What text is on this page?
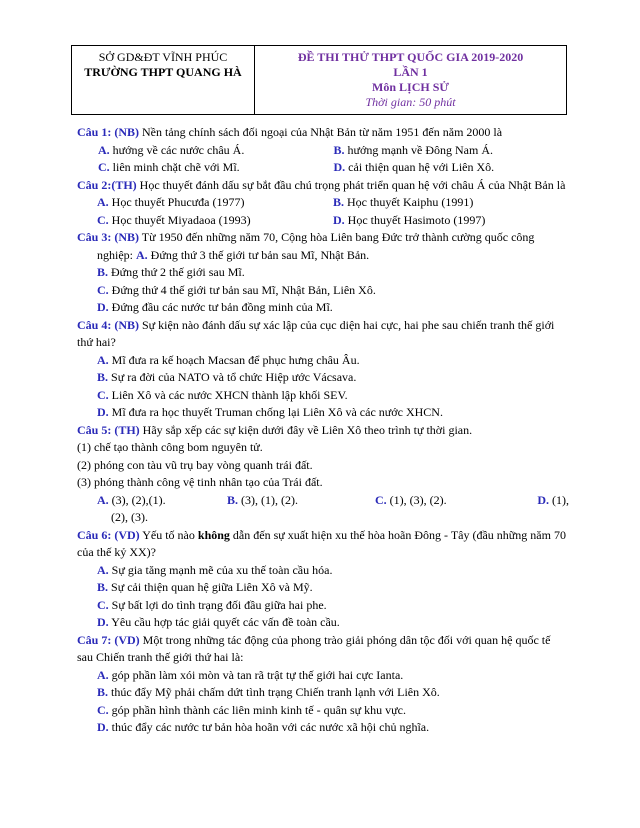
SỞ GD&ĐT VĨNH PHÚC
TRƯỜNG THPT QUANG HÀ
ĐỀ THI THỬ THPT QUỐC GIA 2019-2020
LẦN 1
Môn LỊCH SỬ
Thời gian: 50 phút
Câu 1: (NB) Nền tảng chính sách đối ngoại của Nhật Bản từ năm 1951 đến năm 2000 là
A. hướng về các nước châu Á.	B. hướng mạnh về Đông Nam Á.
C. liên minh chặt chẽ với Mĩ.	D. cải thiện quan hệ với Liên Xô.
Câu 2:(TH) Học thuyết đánh dấu sự bắt đầu chú trọng phát triển quan hệ với châu Á của Nhật Bản là
A. Học thuyết Phucưđa (1977)	B. Học thuyết Kaiphu (1991)
C. Học thuyết Miyadaoa (1993)	D. Học thuyết Hasimoto (1997)
Câu 3: (NB) Từ 1950 đến những năm 70, Cộng hòa Liên bang Đức trở thành cường quốc công
nghiệp: A. Đứng thứ 3 thế giới tư bản sau Mĩ, Nhật Bản.
B. Đứng thứ 2 thế giới sau Mĩ.
C. Đứng thứ 4 thế giới tư bản sau Mĩ, Nhật Bản, Liên Xô.
D. Đứng đầu các nước tư bản đồng minh của Mĩ.
Câu 4: (NB) Sự kiện nào đánh dấu sự xác lập của cục diện hai cực, hai phe sau chiến tranh thế giới thứ hai?
A. Mĩ đưa ra kế hoạch Macsan để phục hưng châu Âu.
B. Sự ra đời của NATO và tổ chức Hiệp ước Vácsava.
C. Liên Xô và các nước XHCN thành lập khối SEV.
D. Mĩ đưa ra học thuyết Truman chống lại Liên Xô và các nước XHCN.
Câu 5: (TH) Hãy sắp xếp các sự kiện dưới đây về Liên Xô theo trình tự thời gian.
(1) chế tạo thành công bom nguyên tử.
(2) phóng con tàu vũ trụ bay vòng quanh trái đất.
(3) phóng thành công vệ tinh nhân tạo của Trái đất.
A. (3), (2),(1).	B. (3), (1), (2).	C. (1), (3), (2).	D. (1),
(2), (3).
Câu 6: (VD) Yếu tố nào không dẫn đến sự xuất hiện xu thế hòa hoãn Đông - Tây (đầu những năm 70 của thế kỷ XX)?
A. Sự gia tăng mạnh mẽ của xu thế toàn cầu hóa.
B. Sự cải thiện quan hệ giữa Liên Xô và Mỹ.
C. Sự bất lợi do tình trạng đối đầu giữa hai phe.
D. Yêu cầu hợp tác giải quyết các vấn đề toàn cầu.
Câu 7: (VD) Một trong những tác động của phong trào giải phóng dân tộc đối với quan hệ quốc tế sau Chiến tranh thế giới thứ hai là:
A. góp phần làm xói mòn và tan rã trật tự thế giới hai cực Ianta.
B. thúc đẩy Mỹ phải chấm dứt tình trạng Chiến tranh lạnh với Liên Xô.
C. góp phần hình thành các liên minh kinh tế - quân sự khu vực.
D. thúc đẩy các nước tư bản hòa hoãn với các nước xã hội chủ nghĩa.
